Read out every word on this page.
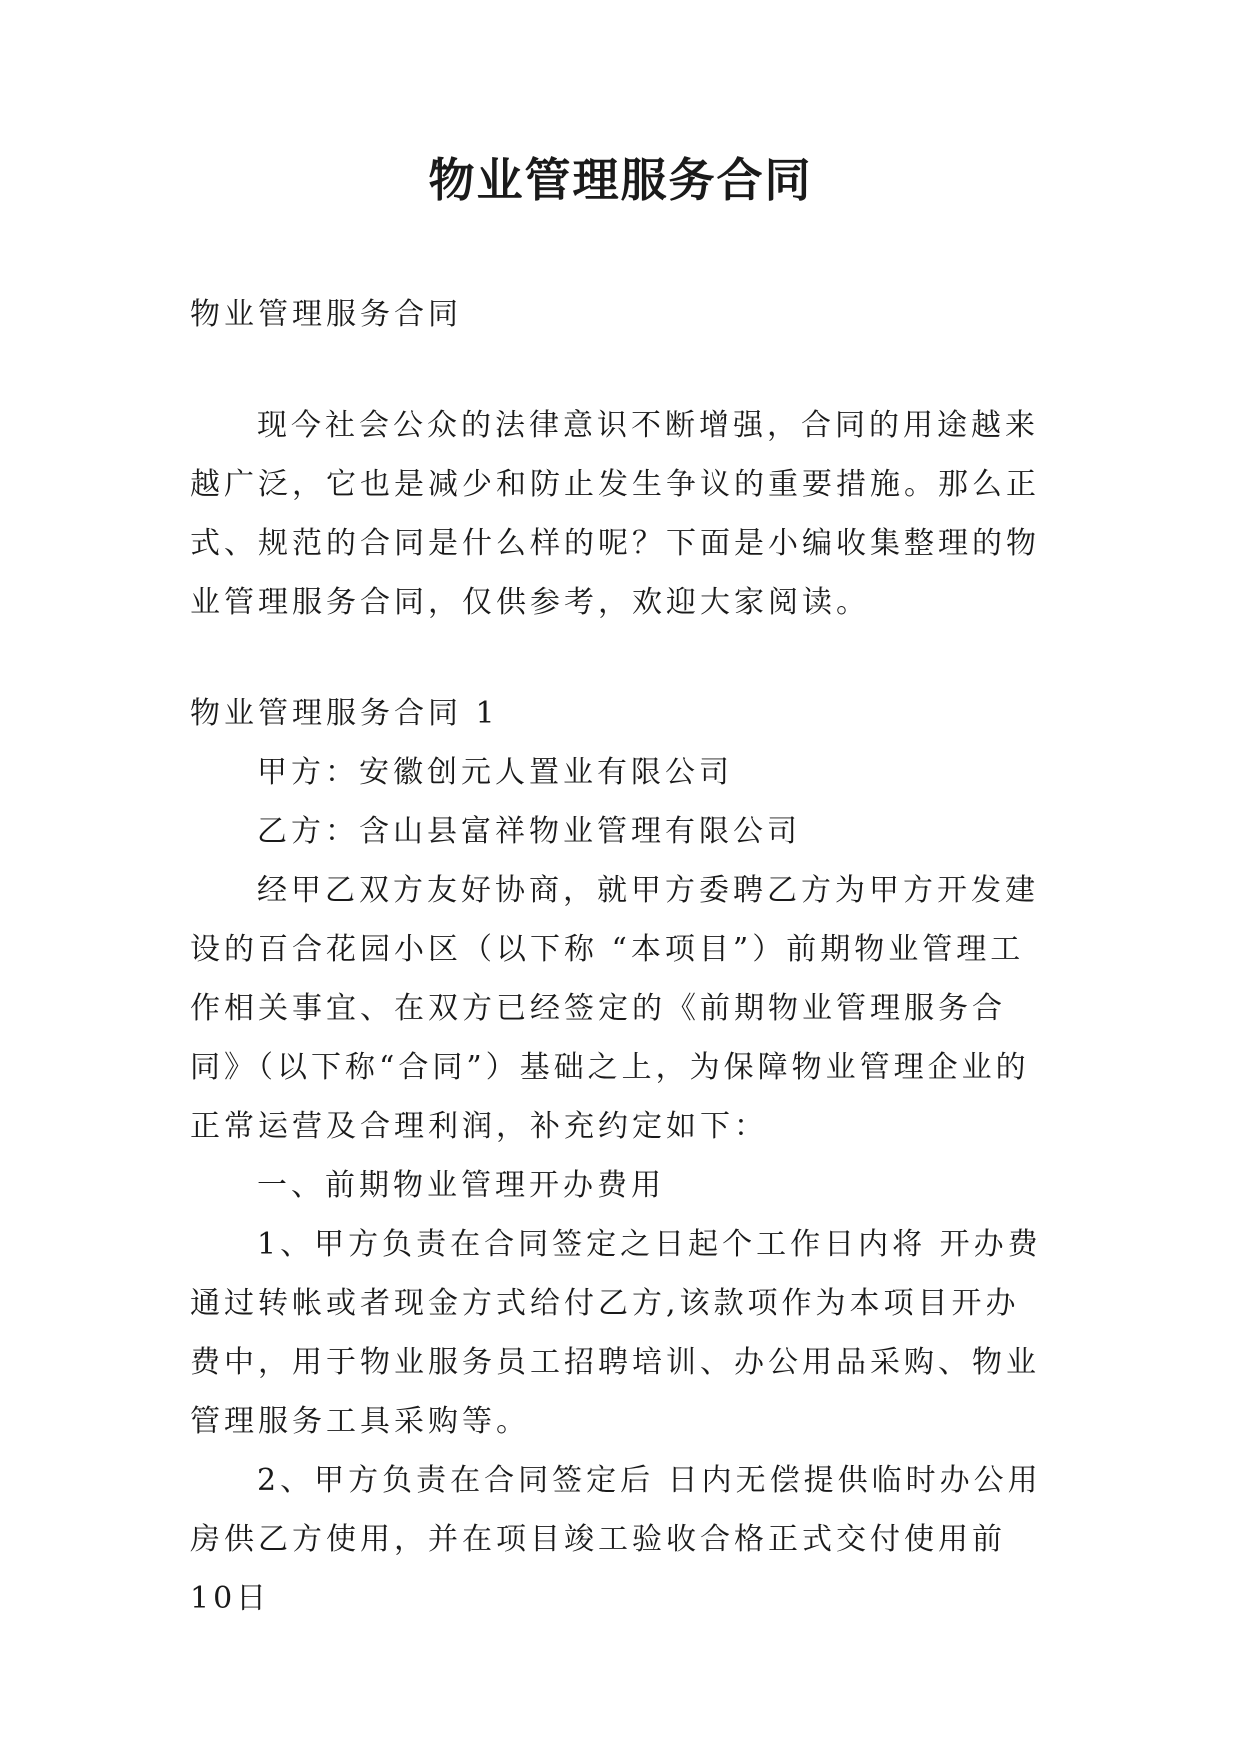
物业管理服务合同

物业管理服务合同

现今社会公众的法律意识不断增强，合同的用途越来越广泛，它也是减少和防止发生争议的重要措施。那么正式、规范的合同是什么样的呢？下面是小编收集整理的物业管理服务合同，仅供参考，欢迎大家阅读。

物业管理服务合同 1

甲方：安徽创元人置业有限公司

乙方：含山县富祥物业管理有限公司

经甲乙双方友好协商，就甲方委聘乙方为甲方开发建设的百合花园小区（以下称 “本项目”）前期物业管理工作相关事宜、在双方已经签定的《前期物业管理服务合同》（以下称“合同”）基础之上，为保障物业管理企业的正常运营及合理利润，补充约定如下：

一、前期物业管理开办费用

1、甲方负责在合同签定之日起个工作日内将 开办费通过转帐或者现金方式给付乙方,该款项作为本项目开办费中，用于物业服务员工招聘培训、办公用品采购、物业管理服务工具采购等。

2、甲方负责在合同签定后 日内无偿提供临时办公用房供乙方使用，并在项目竣工验收合格正式交付使用前10日
